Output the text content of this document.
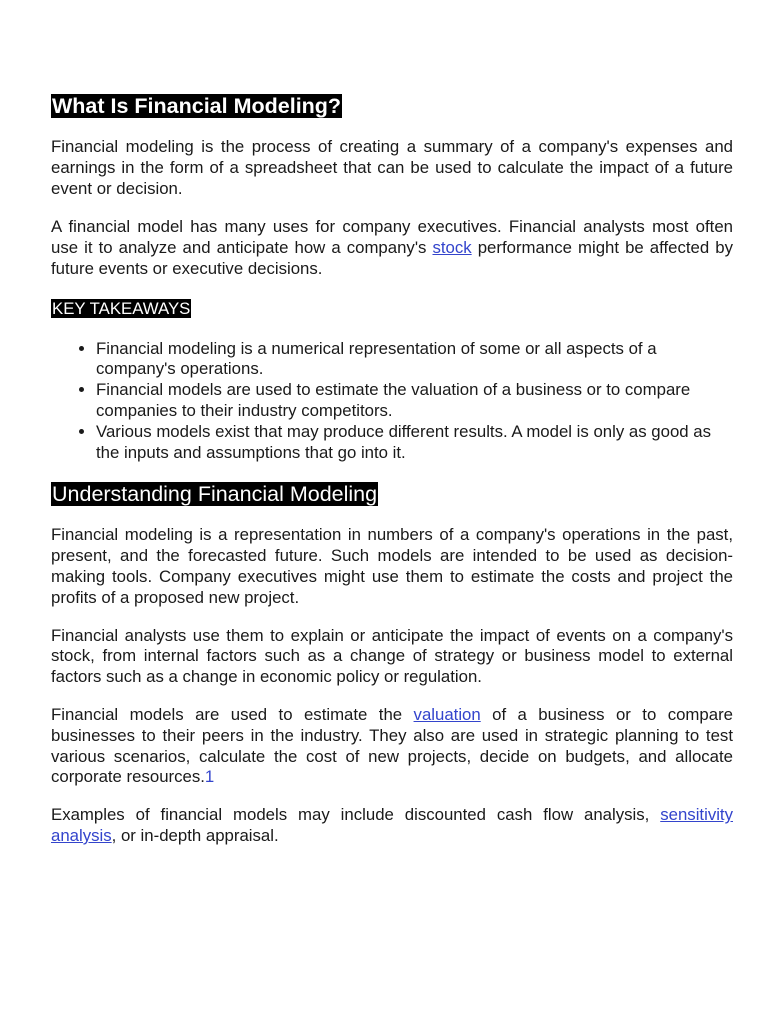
What Is Financial Modeling?

Financial modeling is the process of creating a summary of a company's expenses and earnings in the form of a spreadsheet that can be used to calculate the impact of a future event or decision.

A financial model has many uses for company executives. Financial analysts most often use it to analyze and anticipate how a company's stock performance might be affected by future events or executive decisions.

KEY TAKEAWAYS
• Financial modeling is a numerical representation of some or all aspects of a company's operations.
• Financial models are used to estimate the valuation of a business or to compare companies to their industry competitors.
• Various models exist that may produce different results. A model is only as good as the inputs and assumptions that go into it.
Understanding Financial Modeling

Financial modeling is a representation in numbers of a company's operations in the past, present, and the forecasted future. Such models are intended to be used as decision-making tools. Company executives might use them to estimate the costs and project the profits of a proposed new project.

Financial analysts use them to explain or anticipate the impact of events on a company's stock, from internal factors such as a change of strategy or business model to external factors such as a change in economic policy or regulation.

Financial models are used to estimate the valuation of a business or to compare businesses to their peers in the industry. They also are used in strategic planning to test various scenarios, calculate the cost of new projects, decide on budgets, and allocate corporate resources.1

Examples of financial models may include discounted cash flow analysis, sensitivity analysis, or in-depth appraisal.
